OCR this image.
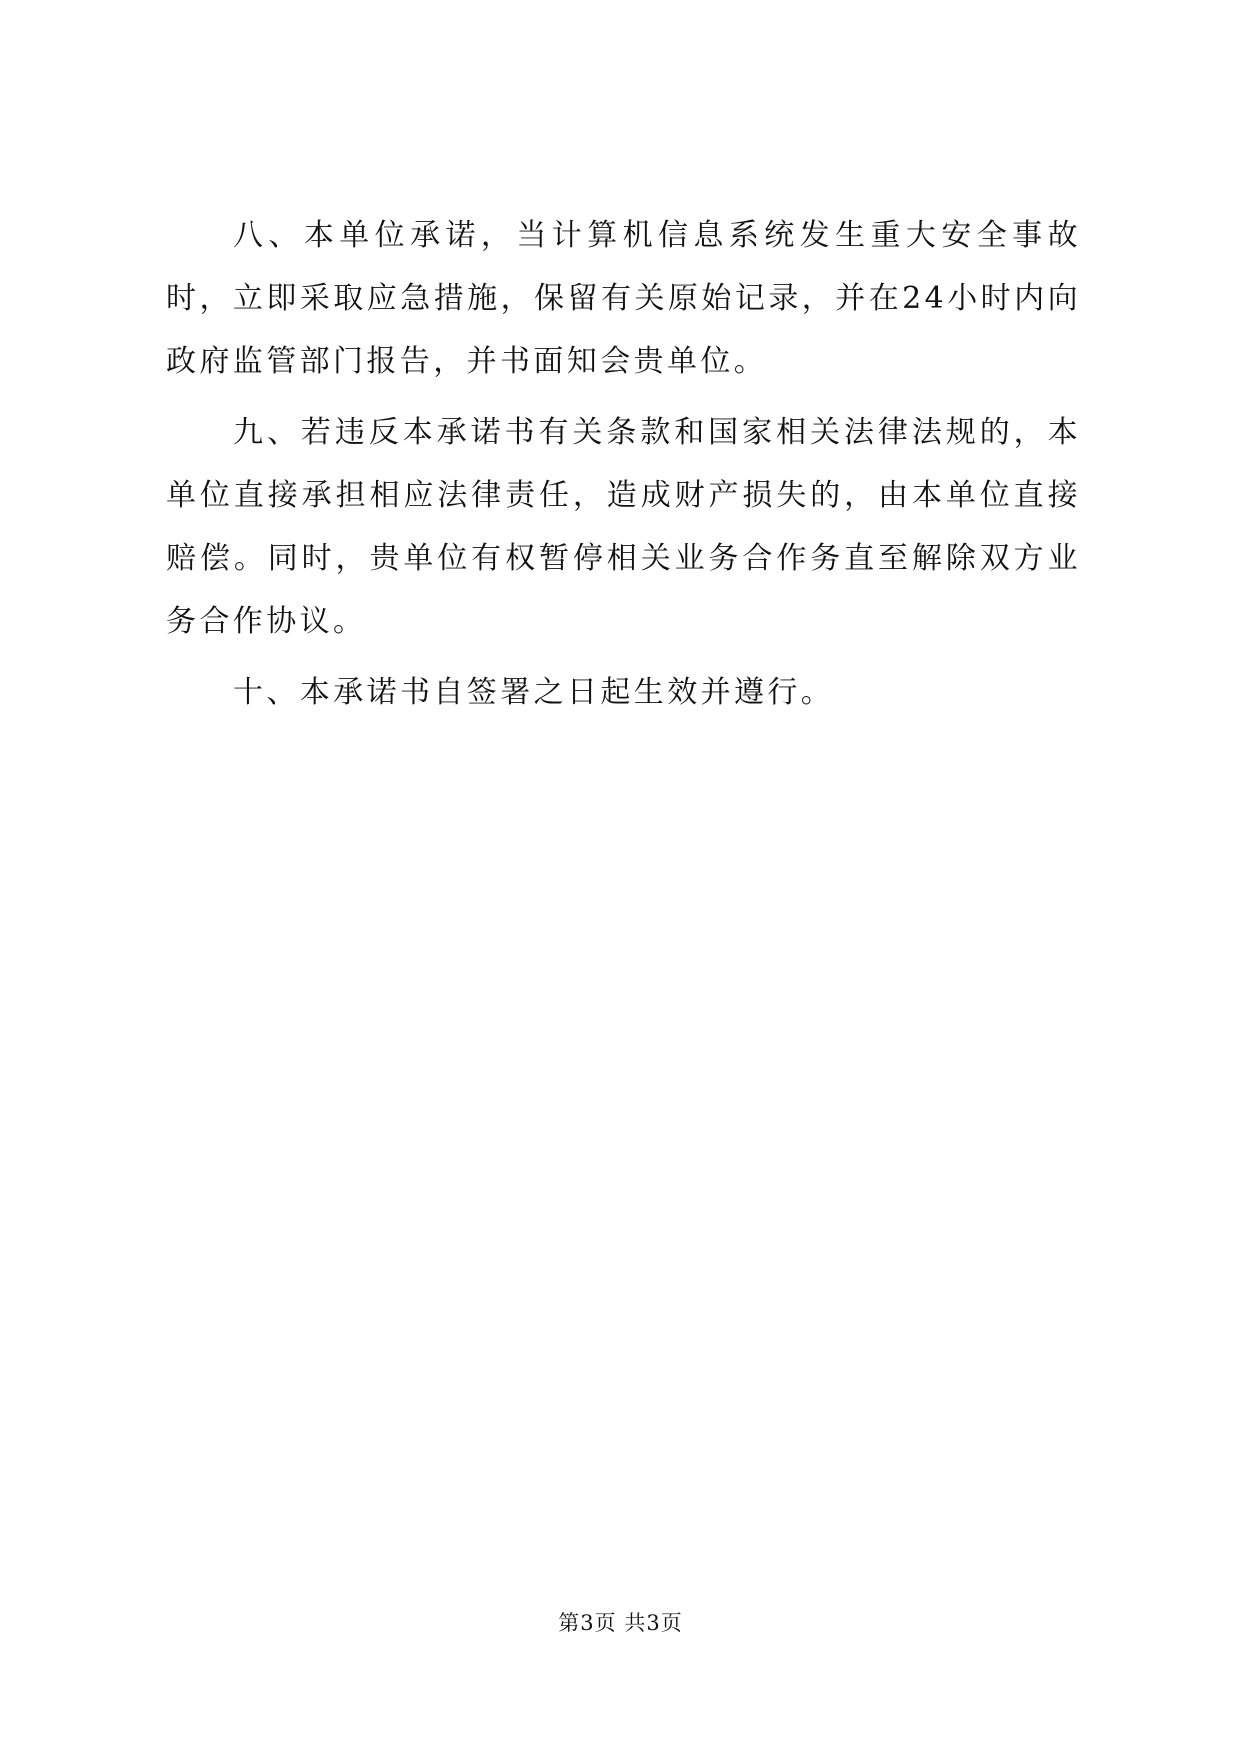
八、本单位承诺，当计算机信息系统发生重大安全事故时，立即采取应急措施，保留有关原始记录，并在24小时内向政府监管部门报告，并书面知会贵单位。

九、若违反本承诺书有关条款和国家相关法律法规的，本单位直接承担相应法律责任，造成财产损失的，由本单位直接赔偿。同时，贵单位有权暂停相关业务合作务直至解除双方业务合作协议。

十、本承诺书自签署之日起生效并遵行。

第3页 共3页
